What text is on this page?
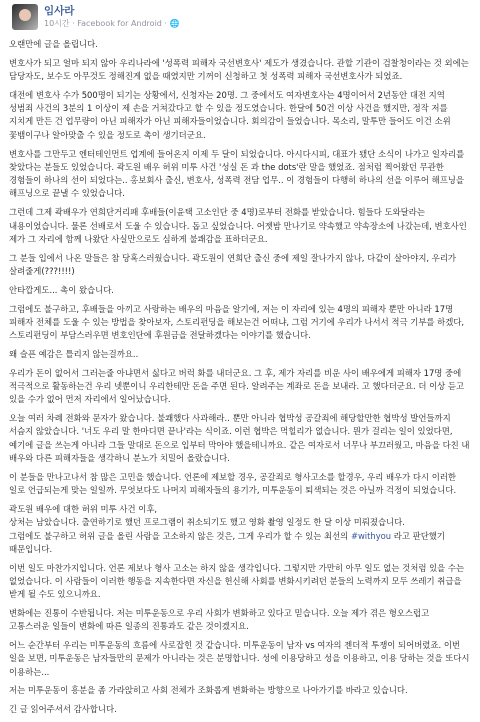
임사라
10시간 · Facebook for Android · 🌐

오랜만에 글을 올립니다.

변호사가 되고 얼마 되지 않아 우리나라에 '성폭력 피해자 국선변호사' 제도가 생겼습니다. 관할 기관이 검찰청이라는 것 외에는 담당자도, 보수도 아무것도 정해진게 없을 때였지만 기꺼이 신청하고 첫 성폭력 피해자 국선변호사가 되었죠.

대전에 변호사 수가 500명이 되기는 상황에서, 신청자는 20명. 그 중에서도 여자변호사는 4명이어서 2년동안 대전 지역 성범죄 사건의 3분의 1 이상이 제 손을 거쳐갔다고 할 수 있을 정도였습니다. 한달에 50건 이상 사건을 했지만, 정작 저를 지치게 만든 건 업무량이 아닌 피해자가 아닌 피해자들이었습니다. 회의감이 들었습니다. 목소리, 말투만 들어도 이건 소위 꽃뱀이구나 알아맞출 수 있을 정도로 촉이 생기더군요.

변호사를 그만두고 엔터테인먼트 업계에 들어온지 이제 두 달이 되었습니다. 아시다시피, 대표가 됐단 소식이 나가고 일자리를 찾았다는 분들도 있었습니다. 곽도원 배우 허위 미투 사건 '성실 돈 과 the dots'란 말을 했었죠. 점처럼 찍어왔던 무관한 경험들이 하나의 선이 되었다는.. 홍보회사 출신, 변호사, 성폭력 전담 업무.. 이 경험들이 다행히 하나의 선을 이루어 해프닝을 해프닝으로 끝낼 수 있었습니다.

그런데 그제 곽배우가 연희단거리패 후배들(이윤택 고소인단 중 4명)로부터 전화를 받았습니다. 힘들다 도와달라는 내용이었습니다. 물론 선배로서 도울 수 있습니다. 돕고 싶었습니다. 어젯밤 만나기로 약속했고 약속장소에 나갔는데, 변호사인 제가 그 자리에 함께 나왔단 사실만으로도 심하게 불쾌감을 표하더군요.

그 분들 입에서 나온 말들은 참 당혹스러웠습니다. 곽도원이 연희단 출신 중에 제일 잘나가지 않나, 다같이 살아야지, 우리가 살려줄게(???!!!!)

안타깝게도... 촉이 왔습니다.

그럼에도 불구하고, 후배들을 아끼고 사랑하는 배우의 마음을 알기에, 저는 이 자리에 있는 4명의 피해자 뿐만 아니라 17명 피해자 전체를 도울 수 있는 방법을 찾아보자, 스토리펀딩을 해보는건 어떠냐, 그럼 거기에 우리가 나서서 적극 기부를 하겠다, 스토리펀딩이 부담스러우면 변호인단에 후원금을 전달하겠다는 이야기를 했습니다.

왜 슬픈 예감은 틀리지 않는걸까요..

우리가 돈이 없어서 그러는줄 아냐면서 싫다고 버럭 화를 내더군요. 그 후, 제가 자리를 비운 사이 배우에게 피해자 17명 중에 적극적으로 활동하는건 우리 넷뿐이니 우리한테만 돈을 주면 된다. 알려주는 계좌로 돈을 보내라. 고 했다더군요. 더 이상 듣고 있을 수가 없어 먼저 자리에서 일어났습니다.

오늘 여러 차례 전화와 문자가 왔습니다. 불쾌했다 사과해라.. 뿐만 아니라 협박성 공갈죄에 해당할만한 협박성 발언들까지 서슴지 않았습니다. '너도 우리 말 한마디면 끝나'라는 식이죠. 이런 협박은 먹힐리가 없습니다. 뭔가 걸리는 일이 있었다면, 예기에 글을 쓰는게 아니라 그들 말대로 돈으로 입부터 막아야 했을테니까요. 같은 여자로서 너무나 부끄러웠고, 마음을 다친 내 배우와 다른 피해자들을 생각하니 분노가 치밀어 올랐습니다.

이 분들을 만나고나서 참 많은 고민을 했습니다. 언론에 제보할 경우, 공갈죄로 형사고소를 할경우, 우리 배우가 다시 이러한 일로 언급되는게 맞는 일일까. 무엇보다도 나머지 피해자들의 용기가, 미투운동이 퇴색되는 것은 아닐까 걱정이 되었습니다.

곽도원 배우에 대한 허위 미투 사건 이후,
상처는 남았습니다. 출연하기로 했던 프로그램이 취소되기도 했고 영화 촬영 일정도 한 달 이상 미뤄졌습니다.
그럼에도 불구하고 허위 글을 올린 사람을 고소하지 않은 것은, 그게 우리가 할 수 있는 최선의 #withyou 라고 판단했기 때문입니다.

이번 일도 마찬가지입니다. 언론 제보나 형사 고소는 하지 않을 생각입니다. 그렇지만 가만히 아무 일도 없는 것처럼 있을 수는 없었습니다. 이 사람들이 이러한 행동을 지속한다면 자신을 헌신해 사회를 변화시키려던 분들의 노력까지 모두 쓰레기 취급을 받게 될 수도 있으니까요.

변화에는 진통이 수반됩니다. 저는 미투운동으로 우리 사회가 변화하고 있다고 믿습니다. 오늘 제가 겪은 형오스럽고 고통스러운 일들이 변화에 따른 일종의 진통과도 같은 것이겠지요.

어느 순간부터 우리는 미투운동의 흐름에 사로잡힌 것 같습니다. 미투운동이 남자 vs 여자의 젠더적 투쟁이 되어버렸죠. 이번 일을 보면, 미투운동은 남자들만의 문제가 아니라는 것은 분명합니다. 성에 이용당하고 성을 이용하고, 이용 당하는 것을 또다시 이용하는...

저는 미투운동이 흥분을 좀 가라앉히고 사회 전체가 조화롭게 변화하는 방향으로 나아가기를 바라고 있습니다.

긴 글 읽어주셔서 감사합니다.
